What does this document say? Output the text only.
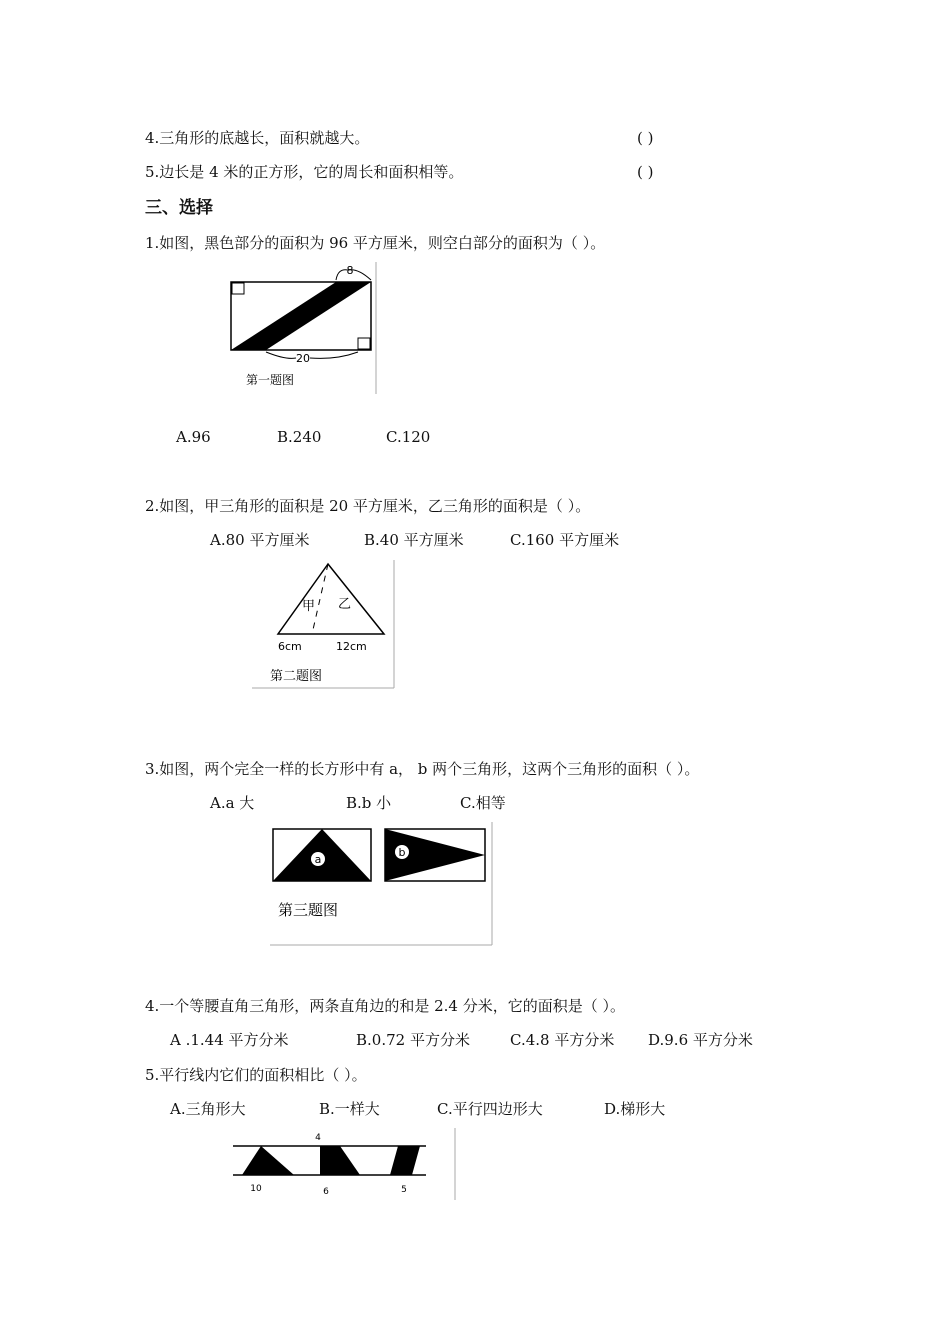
4.三角形的底越长，面积就越大。	( )
5.边长是 4 米的正方形，它的周长和面积相等。	( )
三、选择
1.如图，黑色部分的面积为 96 平方厘米，则空白部分的面积为（ ）。
8
20
第一题图
A.96	B.240	C.120
2.如图，甲三角形的面积是 20 平方厘米，乙三角形的面积是（ ）。
A.80 平方厘米	B.40 平方厘米	C.160 平方厘米
甲 乙
6cm	12cm
第二题图
3.如图，两个完全一样的长方形中有 a， b 两个三角形，这两个三角形的面积（ ）。
A.a 大	B.b 小	C.相等
a
b
第三题图
4.一个等腰直角三角形，两条直角边的和是 2.4 分米，它的面积是（ ）。
A .1.44 平方分米	B.0.72 平方分米	C.4.8 平方分米 D.9.6 平方分米
5.平行线内它们的面积相比（ ）。
A.三角形大	B.一样大	C.平行四边形大	D.梯形大
4
10	6	5
